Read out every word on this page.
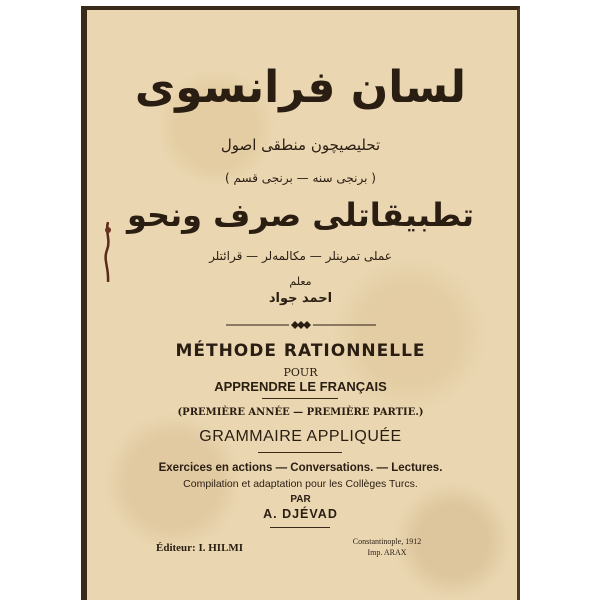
لسان فرانسوی
تحلیصیچون منطقی اصول
( برنجی سنه — برنجی قسم )
تطبیقاتلی صرف ونحو
عملی تمرینلر — مکالمه‌لر — قرائتلر
معلم
احمد جواد
MÉTHODE RATIONNELLE
POUR
APPRENDRE LE FRANÇAIS
(PREMIÈRE ANNÉE — PREMIÈRE PARTIE.)
GRAMMAIRE APPLIQUÉE
Exercices en actions — Conversations. — Lectures.
Compilation et adaptation pour les Collèges Turcs.
PAR
A. DJÉVAD
Éditeur: I. HILMI
Constantinople, 1912
Imp. ARAX
